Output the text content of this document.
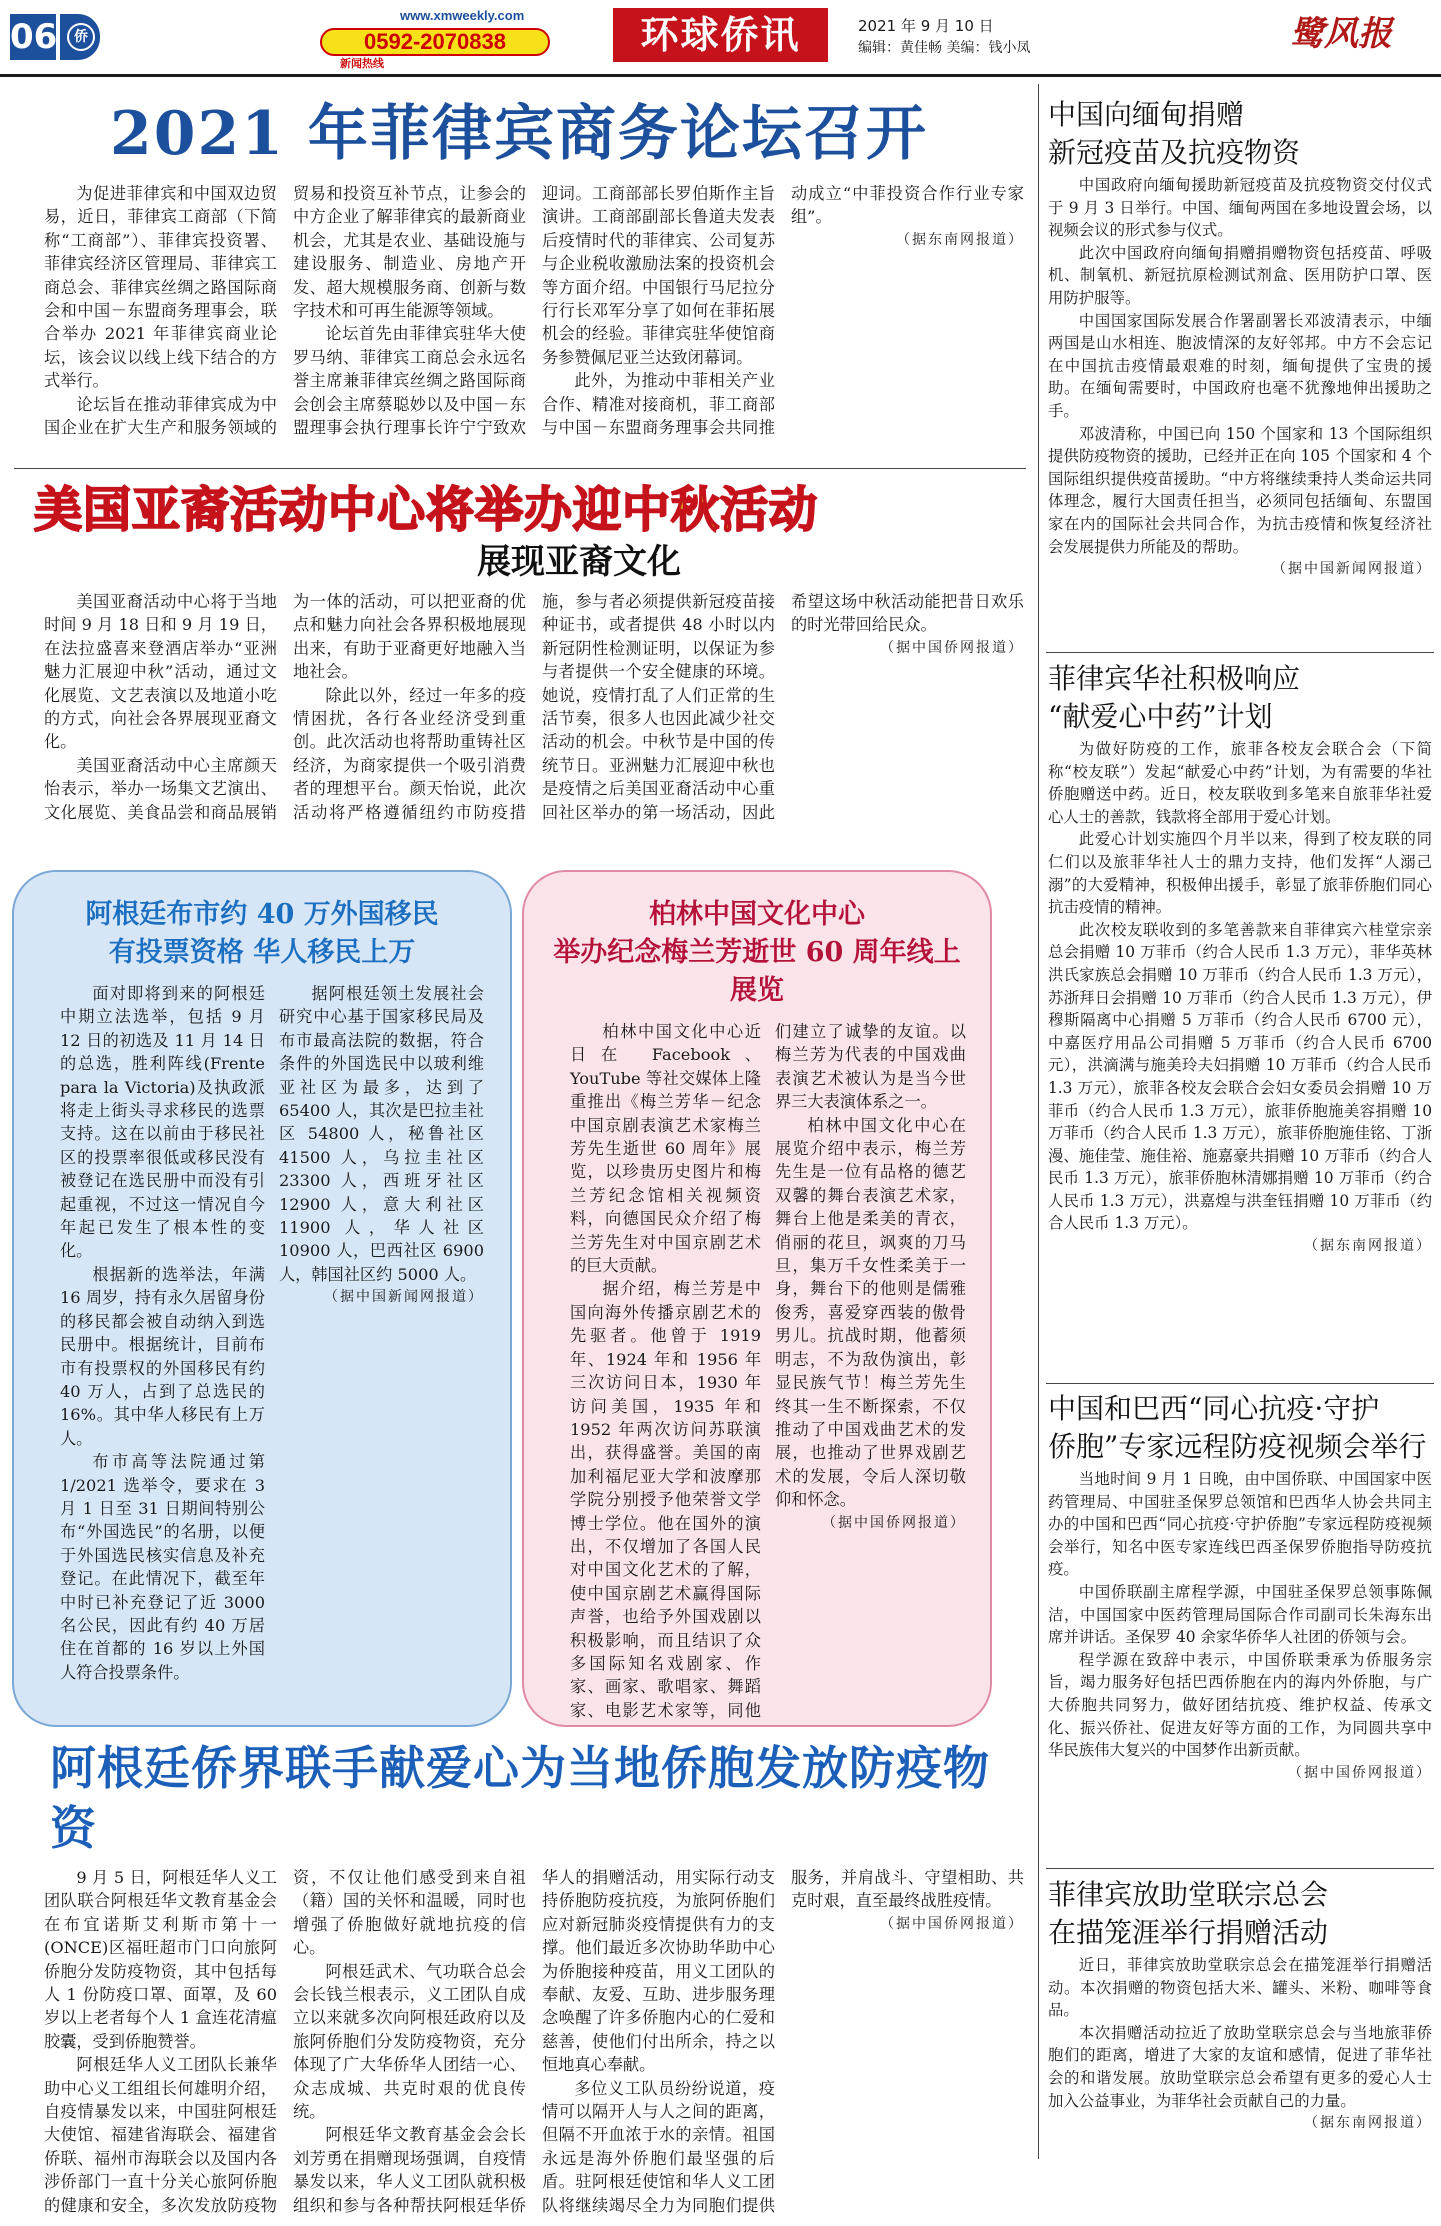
06	侨
www.xmweekly.com
0592-2070838
新闻热线
环球侨讯	2021 年 9 月 10 日
编辑：黄佳畅 美编：钱小凤	鹭风报
2021 年菲律宾商务论坛召开

为促进菲律宾和中国双边贸易，近日，菲律宾工商部（下简称“工商部”）、菲律宾投资署、菲律宾经济区管理局、菲律宾工商总会、菲律宾丝绸之路国际商会和中国－东盟商务理事会，联合举办 2021 年菲律宾商业论坛，该会议以线上线下结合的方式举行。

论坛旨在推动菲律宾成为中国企业在扩大生产和服务领域的贸易和投资互补节点，让参会的中方企业了解菲律宾的最新商业机会，尤其是农业、基础设施与建设服务、制造业、房地产开发、超大规模服务商、创新与数字技术和可再生能源等领域。

论坛首先由菲律宾驻华大使罗马纳、菲律宾工商总会永远名誉主席兼菲律宾丝绸之路国际商会创会主席蔡聪妙以及中国－东盟理事会执行理事长许宁宁致欢迎词。工商部部长罗伯斯作主旨演讲。工商部副部长鲁道夫发表后疫情时代的菲律宾、公司复苏与企业税收激励法案的投资机会等方面介绍。中国银行马尼拉分行行长邓军分享了如何在菲拓展机会的经验。菲律宾驻华使馆商务参赞佩尼亚兰达致闭幕词。

此外，为推动中菲相关产业合作、精准对接商机，菲工商部与中国－东盟商务理事会共同推动成立“中菲投资合作行业专家组”。

（据东南网报道）
美国亚裔活动中心将举办迎中秋活动
展现亚裔文化

美国亚裔活动中心将于当地时间 9 月 18 日和 9 月 19 日，在法拉盛喜来登酒店举办“亚洲魅力汇展迎中秋”活动，通过文化展览、文艺表演以及地道小吃的方式，向社会各界展现亚裔文化。

美国亚裔活动中心主席颜天怡表示，举办一场集文艺演出、文化展览、美食品尝和商品展销为一体的活动，可以把亚裔的优点和魅力向社会各界积极地展现出来，有助于亚裔更好地融入当地社会。

除此以外，经过一年多的疫情困扰，各行各业经济受到重创。此次活动也将帮助重铸社区经济，为商家提供一个吸引消费者的理想平台。颜天怡说，此次活动将严格遵循纽约市防疫措施，参与者必须提供新冠疫苗接种证书，或者提供 48 小时以内新冠阴性检测证明，以保证为参与者提供一个安全健康的环境。她说，疫情打乱了人们正常的生活节奏，很多人也因此减少社交活动的机会。中秋节是中国的传统节日。亚洲魅力汇展迎中秋也是疫情之后美国亚裔活动中心重回社区举办的第一场活动，因此希望这场中秋活动能把昔日欢乐的时光带回给民众。

（据中国侨网报道）
阿根廷布市约 40 万外国移民
有投票资格 华人移民上万

面对即将到来的阿根廷中期立法选举，包括 9 月 12 日的初选及 11 月 14 日的总选，胜利阵线(Frente para la Victoria)及执政派将走上街头寻求移民的选票支持。这在以前由于移民社区的投票率很低或移民没有被登记在选民册中而没有引起重视，不过这一情况自今年起已发生了根本性的变化。

根据新的选举法，年满 16 周岁，持有永久居留身份的移民都会被自动纳入到选民册中。根据统计，目前布市有投票权的外国移民有约 40 万人，占到了总选民的 16%。其中华人移民有上万人。

布市高等法院通过第 1/2021 选举令，要求在 3 月 1 日至 31 日期间特别公布“外国选民”的名册，以便于外国选民核实信息及补充登记。在此情况下，截至年中时已补充登记了近 3000 名公民，因此有约 40 万居住在首都的 16 岁以上外国人符合投票条件。

据阿根廷领土发展社会研究中心基于国家移民局及布市最高法院的数据，符合条件的外国选民中以玻利维亚社区为最多，达到了 65400 人，其次是巴拉圭社区 54800 人，秘鲁社区 41500 人，乌拉圭社区 23300 人，西班牙社区 12900 人，意大利社区 11900 人，华人社区 10900 人，巴西社区 6900 人，韩国社区约 5000 人。

（据中国新闻网报道）
柏林中国文化中心
举办纪念梅兰芳逝世 60 周年线上展览

柏林中国文化中心近日在 Facebook、YouTube 等社交媒体上隆重推出《梅兰芳华－纪念中国京剧表演艺术家梅兰芳先生逝世 60 周年》展览，以珍贵历史图片和梅兰芳纪念馆相关视频资料，向德国民众介绍了梅兰芳先生对中国京剧艺术的巨大贡献。

据介绍，梅兰芳是中国向海外传播京剧艺术的先驱者。他曾于 1919 年、1924 年和 1956 年三次访问日本，1930 年访问美国，1935 年和 1952 年两次访问苏联演出，获得盛誉。美国的南加利福尼亚大学和波摩那学院分别授予他荣誉文学博士学位。他在国外的演出，不仅增加了各国人民对中国文化艺术的了解，使中国京剧艺术赢得国际声誉，也给予外国戏剧以积极影响，而且结识了众多国际知名戏剧家、作家、画家、歌唱家、舞蹈家、电影艺术家等，同他们建立了诚挚的友谊。以梅兰芳为代表的中国戏曲表演艺术被认为是当今世界三大表演体系之一。

柏林中国文化中心在展览介绍中表示，梅兰芳先生是一位有品格的德艺双馨的舞台表演艺术家，舞台上他是柔美的青衣，俏丽的花旦，飒爽的刀马旦，集万千女性柔美于一身，舞台下的他则是儒雅俊秀，喜爱穿西装的傲骨男儿。抗战时期，他蓄须明志，不为敌伪演出，彰显民族气节！梅兰芳先生终其一生不断探索，不仅推动了中国戏曲艺术的发展，也推动了世界戏剧艺术的发展，令后人深切敬仰和怀念。

（据中国侨网报道）
阿根廷侨界联手献爱心为当地侨胞发放防疫物资

9 月 5 日，阿根廷华人义工团队联合阿根廷华文教育基金会在布宜诺斯艾利斯市第十一(ONCE)区福旺超市门口向旅阿侨胞分发防疫物资，其中包括每人 1 份防疫口罩、面罩，及 60 岁以上老者每个人 1 盒连花清瘟胶囊，受到侨胞赞誉。

阿根廷华人义工团队长兼华助中心义工组组长何雄明介绍，自疫情暴发以来，中国驻阿根廷大使馆、福建省海联会、福建省侨联、福州市海联会以及国内各涉侨部门一直十分关心旅阿侨胞的健康和安全，多次发放防疫物资，不仅让他们感受到来自祖（籍）国的关怀和温暖，同时也增强了侨胞做好就地抗疫的信心。

阿根廷武术、气功联合总会会长钱兰根表示，义工团队自成立以来就多次向阿根廷政府以及旅阿侨胞们分发防疫物资，充分体现了广大华侨华人团结一心、众志成城、共克时艰的优良传统。

阿根廷华文教育基金会会长刘芳勇在捐赠现场强调，自疫情暴发以来，华人义工团队就积极组织和参与各种帮扶阿根廷华侨华人的捐赠活动，用实际行动支持侨胞防疫抗疫，为旅阿侨胞们应对新冠肺炎疫情提供有力的支撑。他们最近多次协助华助中心为侨胞接种疫苗，用义工团队的奉献、友爱、互助、进步服务理念唤醒了许多侨胞内心的仁爱和慈善，使他们付出所余，持之以恒地真心奉献。

多位义工队员纷纷说道，疫情可以隔开人与人之间的距离，但隔不开血浓于水的亲情。祖国永远是海外侨胞们最坚强的后盾。驻阿根廷使馆和华人义工团队将继续竭尽全力为同胞们提供服务，并肩战斗、守望相助、共克时艰，直至最终战胜疫情。

（据中国侨网报道）
中国向缅甸捐赠
新冠疫苗及抗疫物资

中国政府向缅甸援助新冠疫苗及抗疫物资交付仪式于 9 月 3 日举行。中国、缅甸两国在多地设置会场，以视频会议的形式参与仪式。

此次中国政府向缅甸捐赠捐赠物资包括疫苗、呼吸机、制氧机、新冠抗原检测试剂盒、医用防护口罩、医用防护服等。

中国国家国际发展合作署副署长邓波清表示，中缅两国是山水相连、胞波情深的友好邻邦。中方不会忘记在中国抗击疫情最艰难的时刻，缅甸提供了宝贵的援助。在缅甸需要时，中国政府也毫不犹豫地伸出援助之手。

邓波清称，中国已向 150 个国家和 13 个国际组织提供防疫物资的援助，已经并正在向 105 个国家和 4 个国际组织提供疫苗援助。“中方将继续秉持人类命运共同体理念，履行大国责任担当，必须同包括缅甸、东盟国家在内的国际社会共同合作，为抗击疫情和恢复经济社会发展提供力所能及的帮助。

（据中国新闻网报道）
菲律宾华社积极响应
“献爱心中药”计划

为做好防疫的工作，旅菲各校友会联合会（下简称“校友联”）发起“献爱心中药”计划，为有需要的华社侨胞赠送中药。近日，校友联收到多笔来自旅菲华社爱心人士的善款，钱款将全部用于爱心计划。

此爱心计划实施四个月半以来，得到了校友联的同仁们以及旅菲华社人士的鼎力支持，他们发挥“人溺己溺”的大爱精神，积极伸出援手，彰显了旅菲侨胞们同心抗击疫情的精神。

此次校友联收到的多笔善款来自菲律宾六桂堂宗亲总会捐赠 10 万菲币（约合人民币 1.3 万元），菲华英林洪氏家族总会捐赠 10 万菲币（约合人民币 1.3 万元），苏浙拜日会捐赠 10 万菲币（约合人民币 1.3 万元），伊穆斯隔离中心捐赠 5 万菲币（约合人民币 6700 元），中嘉医疗用品公司捐赠 5 万菲币（约合人民币 6700 元），洪滴满与施美玲夫妇捐赠 10 万菲币（约合人民币 1.3 万元），旅菲各校友会联合会妇女委员会捐赠 10 万菲币（约合人民币 1.3 万元），旅菲侨胞施美容捐赠 10 万菲币（约合人民币 1.3 万元），旅菲侨胞施佳铭、丁浙漫、施佳莹、施佳裕、施嘉豪共捐赠 10 万菲币（约合人民币 1.3 万元），旅菲侨胞林清娜捐赠 10 万菲币（约合人民币 1.3 万元），洪嘉煌与洪奎钰捐赠 10 万菲币（约合人民币 1.3 万元）。

（据东南网报道）
中国和巴西“同心抗疫·守护
侨胞”专家远程防疫视频会举行

当地时间 9 月 1 日晚，由中国侨联、中国国家中医药管理局、中国驻圣保罗总领馆和巴西华人协会共同主办的中国和巴西“同心抗疫·守护侨胞”专家远程防疫视频会举行，知名中医专家连线巴西圣保罗侨胞指导防疫抗疫。

中国侨联副主席程学源，中国驻圣保罗总领事陈佩洁，中国国家中医药管理局国际合作司副司长朱海东出席并讲话。圣保罗 40 余家华侨华人社团的侨领与会。

程学源在致辞中表示，中国侨联秉承为侨服务宗旨，竭力服务好包括巴西侨胞在内的海内外侨胞，与广大侨胞共同努力，做好团结抗疫、维护权益、传承文化、振兴侨社、促进友好等方面的工作，为同圆共享中华民族伟大复兴的中国梦作出新贡献。

（据中国侨网报道）
菲律宾放助堂联宗总会
在描笼涯举行捐赠活动

近日，菲律宾放助堂联宗总会在描笼涯举行捐赠活动。本次捐赠的物资包括大米、罐头、米粉、咖啡等食品。

本次捐赠活动拉近了放助堂联宗总会与当地旅菲侨胞们的距离，增进了大家的友谊和感情，促进了菲华社会的和谐发展。放助堂联宗总会希望有更多的爱心人士加入公益事业，为菲华社会贡献自己的力量。

（据东南网报道）
